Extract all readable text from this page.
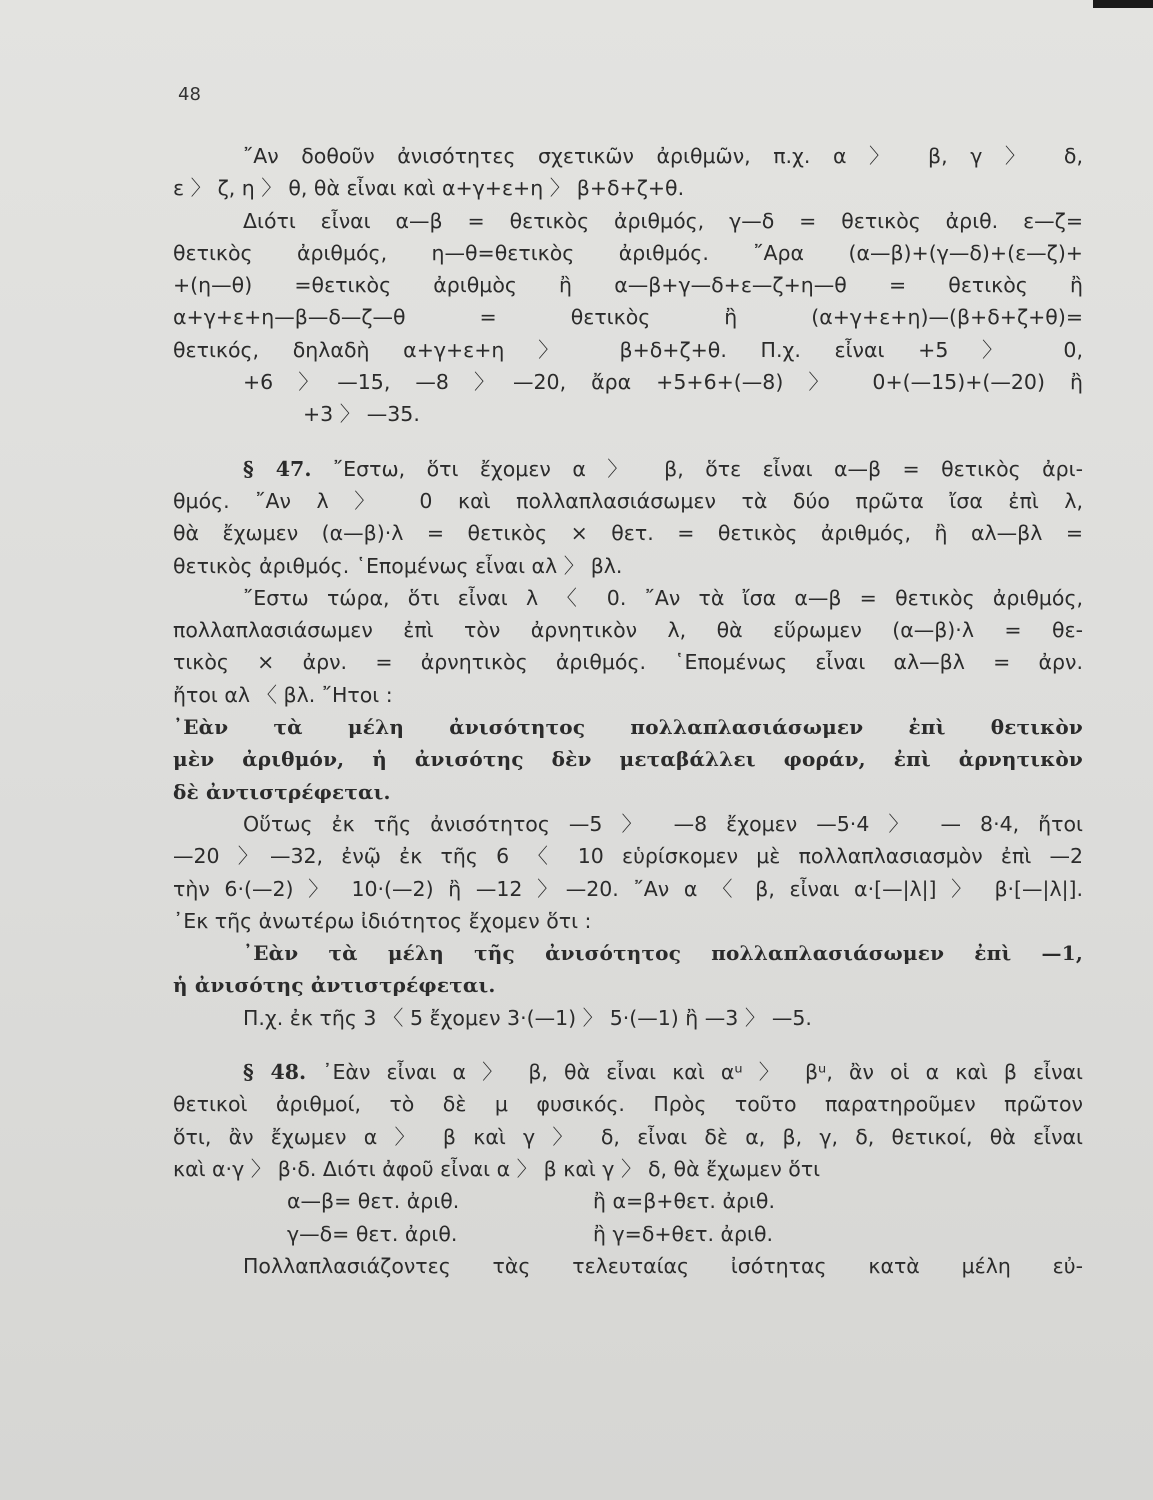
48
῎Αν δοθοῦν ἀνισότητες σχετικῶν ἀριθμῶν, π.χ. α 〉 β, γ 〉 δ,
ε 〉 ζ, η 〉 θ, θὰ εἶναι καὶ α+γ+ε+η 〉 β+δ+ζ+θ.
Διότι εἶναι α—β = θετικὸς ἀριθμός, γ—δ = θετικὸς ἀριθ. ε—ζ=
θετικὸς ἀριθμός, η—θ=θετικὸς ἀριθμός. ῎Αρα (α—β)+(γ—δ)+(ε—ζ)+
+(η—θ) =θετικὸς ἀριθμὸς ἢ α—β+γ—δ+ε—ζ+η—θ = θετικὸς ἢ
α+γ+ε+η—β—δ—ζ—θ = θετικὸς ἢ (α+γ+ε+η)—(β+δ+ζ+θ)=
θετικός, δηλαδὴ α+γ+ε+η 〉 β+δ+ζ+θ. Π.χ. εἶναι +5 〉 0,
+6 〉—15, —8 〉—20, ἄρα +5+6+(—8) 〉 0+(—15)+(—20) ἢ
+3 〉 —35.
§ 47. ῎Εστω, ὅτι ἔχομεν α 〉 β, ὅτε εἶναι α—β = θετικὸς ἀρι-
θμός. ῎Αν λ 〉 0 καὶ πολλαπλασιάσωμεν τὰ δύο πρῶτα ἴσα ἐπὶ λ,
θὰ ἔχωμεν (α—β)·λ = θετικὸς × θετ. = θετικὸς ἀριθμός, ἢ αλ—βλ =
θετικὸς ἀριθμός. ῾Επομένως εἶναι αλ 〉 βλ.
῎Εστω τώρα, ὅτι εἶναι λ 〈 0. ῎Αν τὰ ἴσα α—β = θετικὸς ἀριθμός,
πολλαπλασιάσωμεν ἐπὶ τὸν ἀρνητικὸν λ, θὰ εὕρωμεν (α—β)·λ = θε-
τικὸς × ἀρν. = ἀρνητικὸς ἀριθμός. ῾Επομένως εἶναι αλ—βλ = ἀρν.
ἤτοι αλ 〈 βλ. ῎Ητοι :
᾿Εὰν τὰ μέλη ἀνισότητος πολλαπλασιάσωμεν ἐπὶ θετικὸν
μὲν ἀριθμόν, ἡ ἀνισότης δὲν μεταβάλλει φοράν, ἐπὶ ἀρνητικὸν
δὲ ἀντιστρέφεται.
Οὕτως ἐκ τῆς ἀνισότητος —5 〉 —8 ἔχομεν —5·4 〉 — 8·4, ἤτοι
—20 〉—32, ἐνῷ ἐκ τῆς 6 〈 10 εὑρίσκομεν μὲ πολλαπλασιασμὸν ἐπὶ —2
τὴν 6·(—2) 〉 10·(—2) ἢ —12 〉—20. ῎Αν α 〈 β, εἶναι α·[—|λ|] 〉 β·[—|λ|].
᾿Εκ τῆς ἀνωτέρω ἰδιότητος ἔχομεν ὅτι :
᾿Εὰν τὰ μέλη τῆς ἀνισότητος πολλαπλασιάσωμεν ἐπὶ —1,
ἡ ἀνισότης ἀντιστρέφεται.
Π.χ. ἐκ τῆς 3 〈 5 ἔχομεν 3·(—1) 〉 5·(—1) ἢ —3 〉 —5.
§ 48. ᾿Εὰν εἶναι α 〉 β, θὰ εἶναι καὶ αᵘ 〉 βᵘ, ἂν οἱ α καὶ β εἶναι
θετικοὶ ἀριθμοί, τὸ δὲ μ φυσικός. Πρὸς τοῦτο παρατηροῦμεν πρῶτον
ὅτι, ἂν ἔχωμεν α 〉 β καὶ γ 〉 δ, εἶναι δὲ α, β, γ, δ, θετικοί, θὰ εἶναι
καὶ α·γ 〉 β·δ. Διότι ἀφοῦ εἶναι α 〉 β καὶ γ 〉 δ, θὰ ἔχωμεν ὅτι
α—β= θετ. ἀριθ.	ἢ α=β+θετ. ἀριθ.
γ—δ= θετ. ἀριθ.	ἢ γ=δ+θετ. ἀριθ.
Πολλαπλασιάζοντες τὰς τελευταίας ἰσότητας κατὰ μέλη εὐ-
